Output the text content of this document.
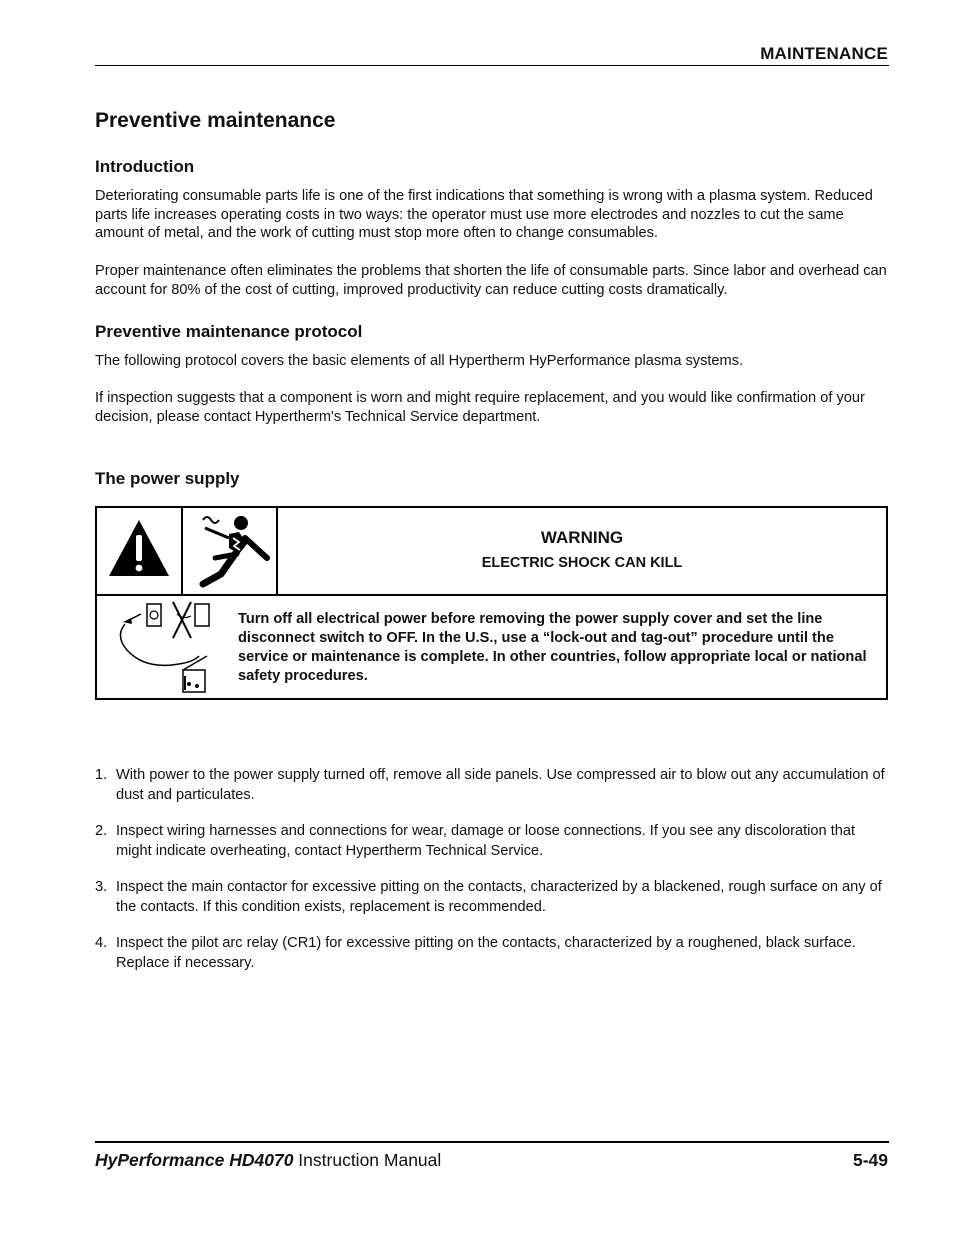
MAINTENANCE
Preventive maintenance
Introduction
Deteriorating consumable parts life is one of the first indications that something is wrong with a plasma system. Reduced parts life increases operating costs in two ways: the operator must use more electrodes and nozzles to cut the same amount of metal, and the work of cutting must stop more often to change consumables.
Proper maintenance often eliminates the problems that shorten the life of consumable parts. Since labor and overhead can account for 80% of the cost of cutting, improved productivity can reduce cutting costs dramatically.
Preventive maintenance protocol
The following protocol covers the basic elements of all Hypertherm HyPerformance plasma systems.
If inspection suggests that a component is worn and might require replacement, and you would like confirmation of your decision, please contact Hypertherm's Technical Service department.
The power supply
WARNING
ELECTRIC SHOCK CAN KILL
Turn off all electrical power before removing the power supply cover and set the line disconnect switch to OFF. In the U.S., use a “lock-out and tag-out” procedure until the service or maintenance is complete. In other countries, follow appropriate local or national safety procedures.
1. With power to the power supply turned off, remove all side panels. Use compressed air to blow out any accumulation of dust and particulates.
2. Inspect wiring harnesses and connections for wear, damage or loose connections. If you see any discoloration that might indicate overheating, contact Hypertherm Technical Service.
3. Inspect the main contactor for excessive pitting on the contacts, characterized by a blackened, rough surface on any of the contacts. If this condition exists, replacement is recommended.
4. Inspect the pilot arc relay (CR1) for excessive pitting on the contacts, characterized by a roughened, black surface. Replace if necessary.
HyPerformance HD4070 Instruction Manual	5-49
